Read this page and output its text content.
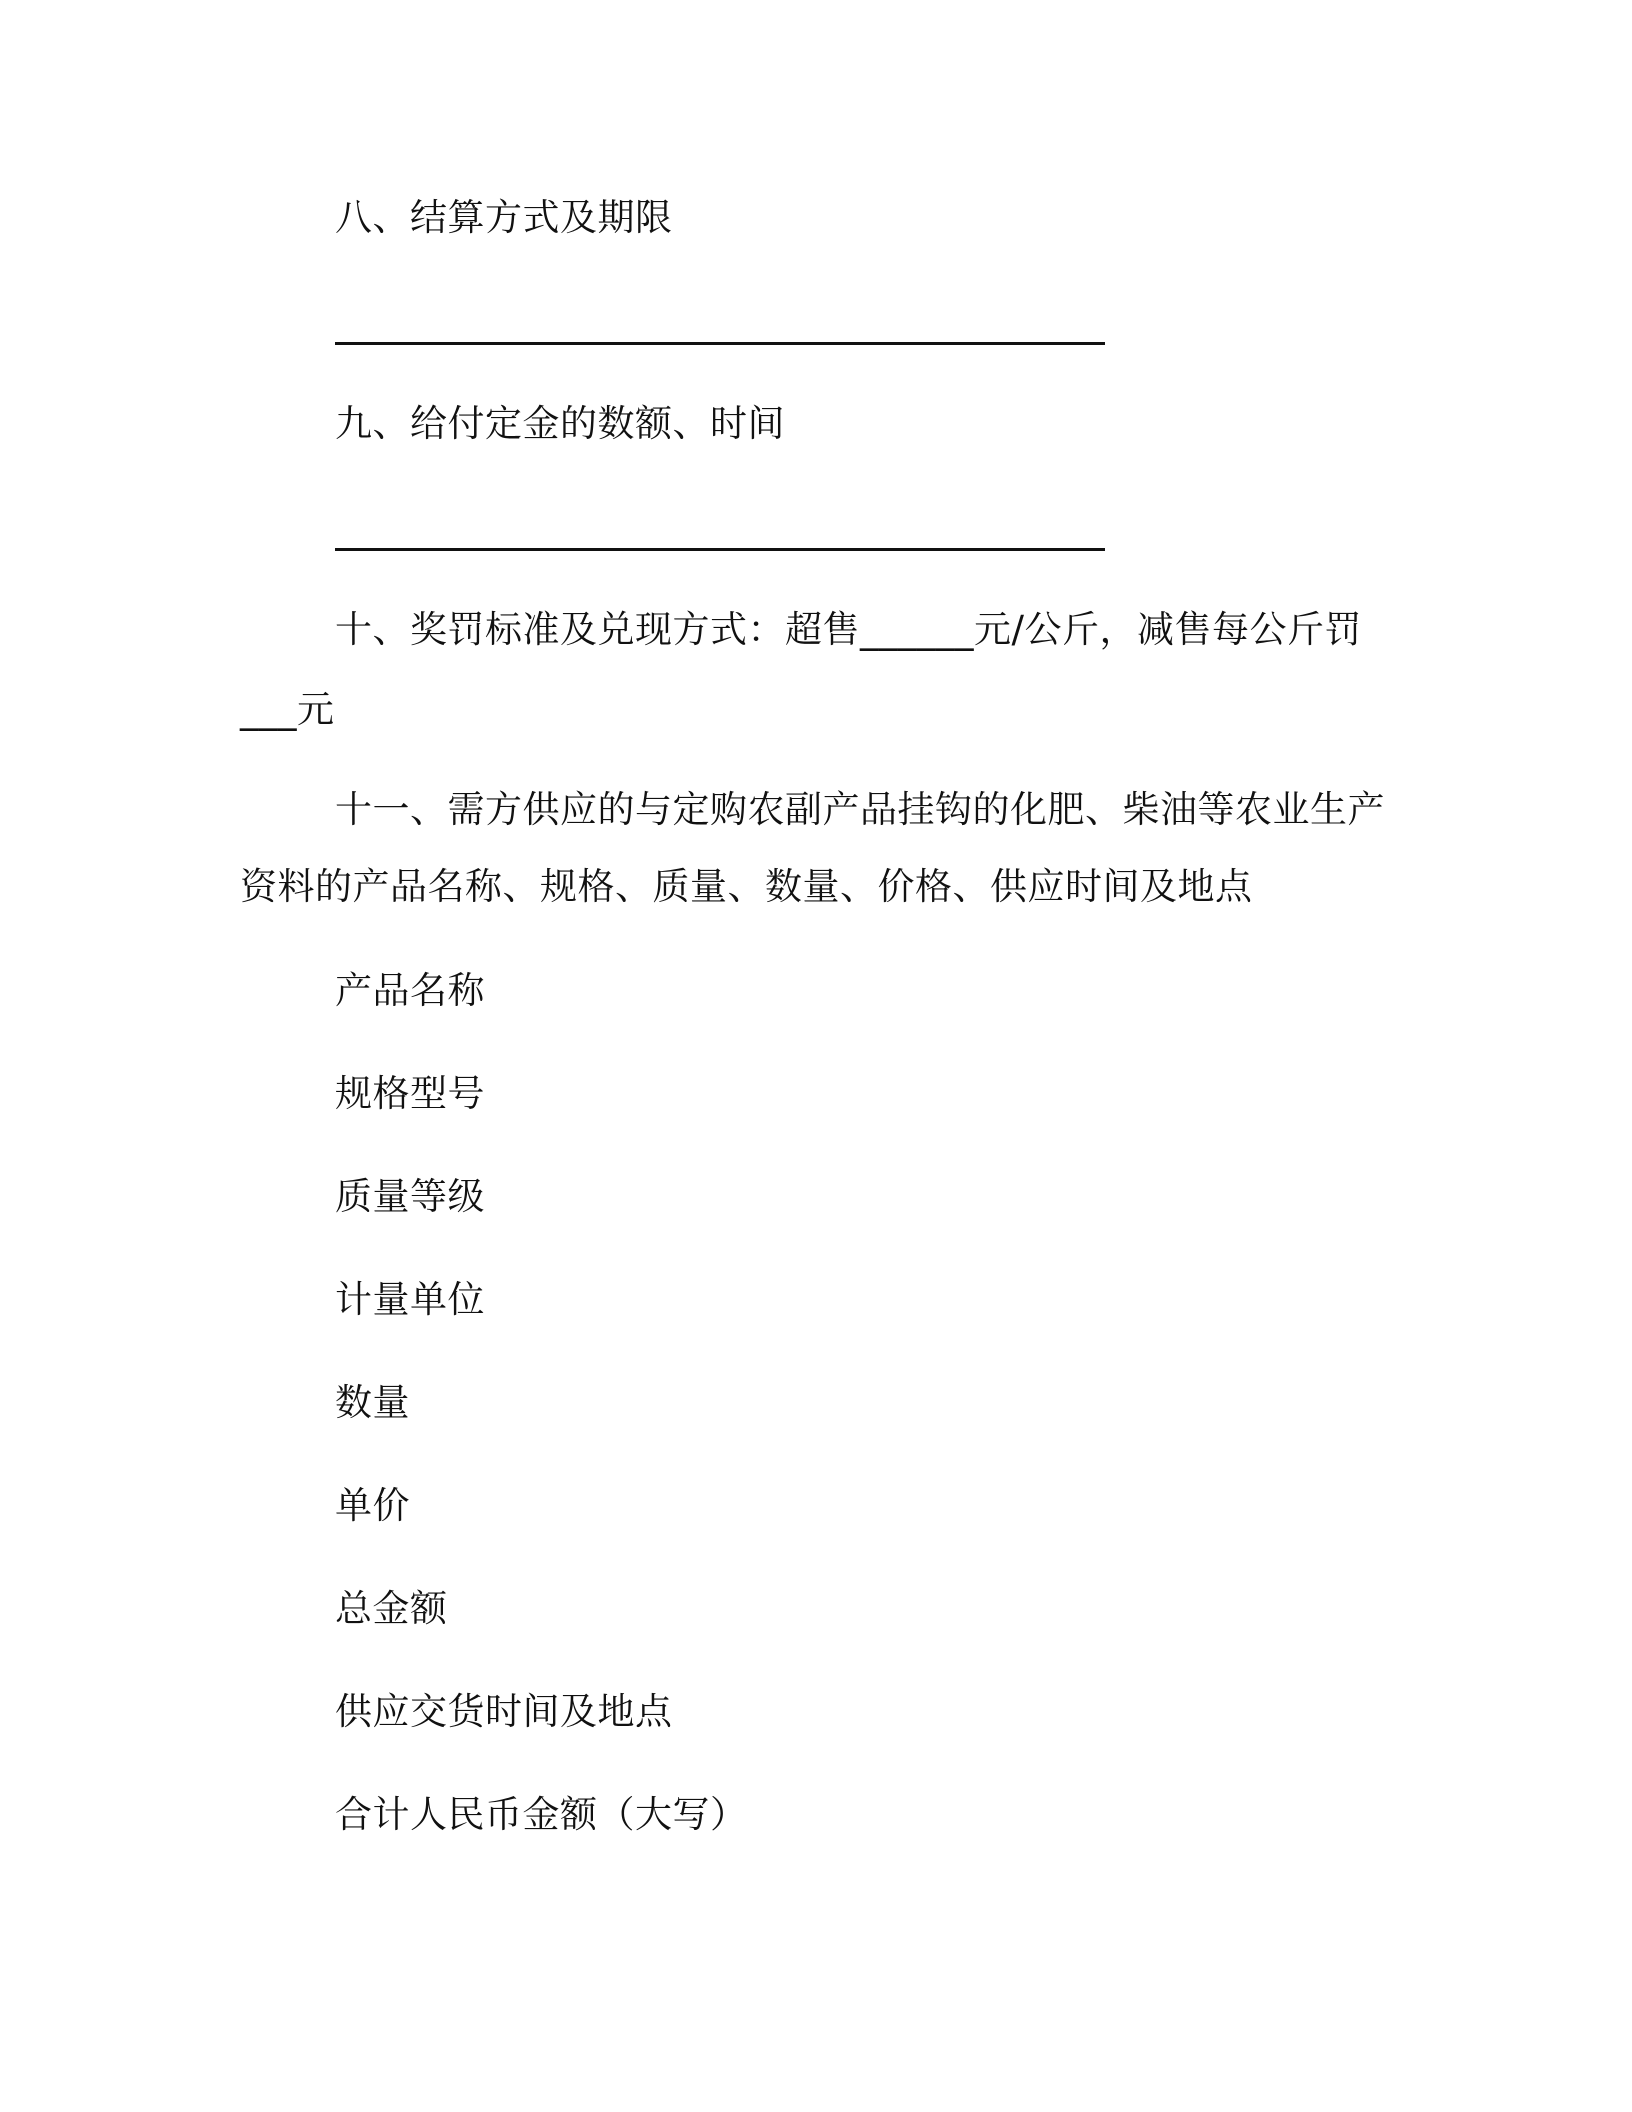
八、结算方式及期限
九、给付定金的数额、时间
十、奖罚标准及兑现方式：超售______元/公斤，减售每公斤罚
___元
十一、需方供应的与定购农副产品挂钩的化肥、柴油等农业生产
资料的产品名称、规格、质量、数量、价格、供应时间及地点
产品名称
规格型号
质量等级
计量单位
数量
单价
总金额
供应交货时间及地点
合计人民币金额（大写）
